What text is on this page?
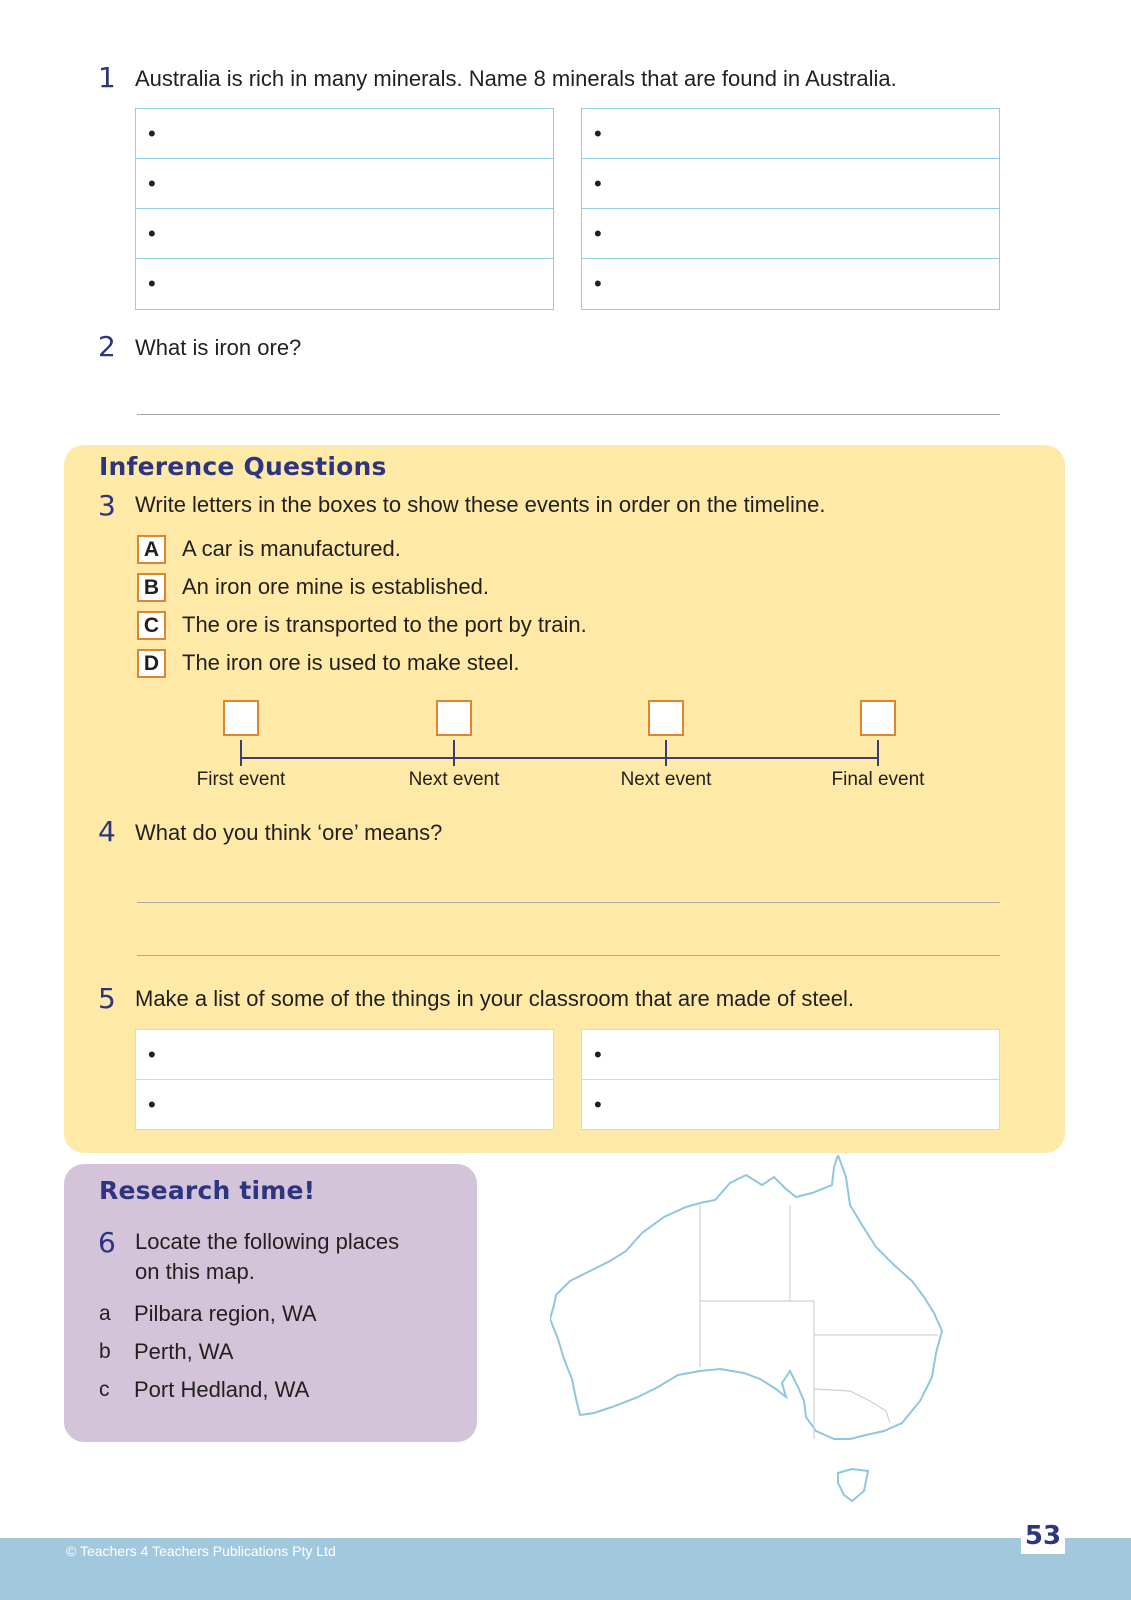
1 Australia is rich in many minerals. Name 8 minerals that are found in Australia.
•
•
•
•
•
•
•
•
2 What is iron ore?
Inference Questions
3 Write letters in the boxes to show these events in order on the timeline.
A	A car is manufactured.
B	An iron ore mine is established.
C	The ore is transported to the port by train.
D	The iron ore is used to make steel.
First event	Next event	Next event	Final event
4 What do you think ‘ore’ means?
5 Make a list of some of the things in your classroom that are made of steel.
•
•
•
•
Research time!
6 Locate the following places
on this map.
a Pilbara region, WA
b Perth, WA
c Port Hedland, WA
© Teachers 4 Teachers Publications Pty Ltd	53
